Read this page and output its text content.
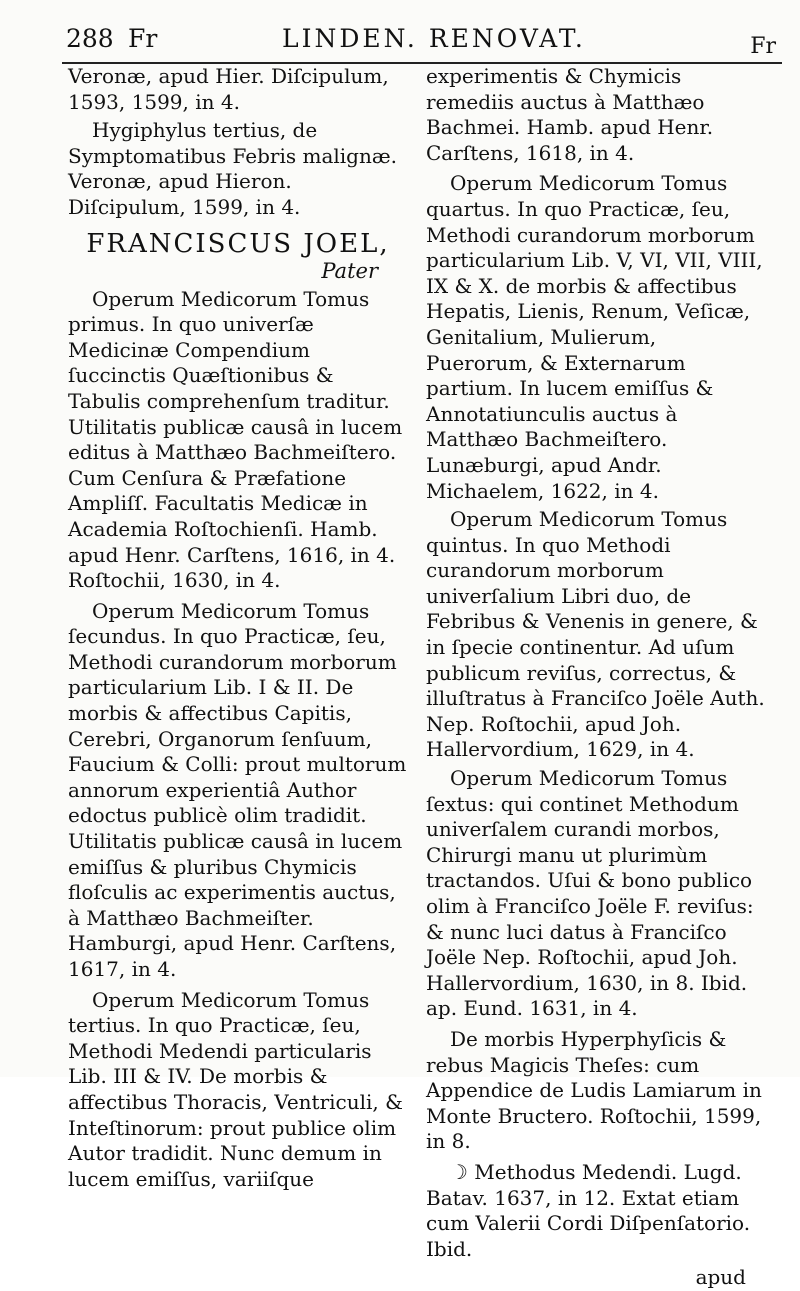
288 Fr	LINDEN. RENOVAT.	Fr

Veronæ, apud Hier. Diſcipulum, 1593, 1599, in 4.

Hygiphylus tertius, de Symptomatibus Febris malignæ. Veronæ, apud Hieron. Diſcipulum, 1599, in 4.

FRANCISCUS JOEL,
Pater

Operum Medicorum Tomus primus. In quo univerſæ Medicinæ Compendium ſuccinctis Quæſtionibus & Tabulis comprehenſum traditur. Utilitatis publicæ causâ in lucem editus à Matthæo Bachmeiſtero. Cum Cenſura & Præfatione Ampliſſ. Facultatis Medicæ in Academia Roſtochienſi. Hamb. apud Henr. Carſtens, 1616, in 4. Roſtochii, 1630, in 4.

Operum Medicorum Tomus ſecundus. In quo Practicæ, ſeu, Methodi curandorum morborum particularium Lib. I & II. De morbis & affectibus Capitis, Cerebri, Organorum ſenſuum, Faucium & Colli: prout multorum annorum experientiâ Author edoctus publicè olim tradidit. Utilitatis publicæ causâ in lucem emiſſus & pluribus Chymicis floſculis ac experimentis auctus, à Matthæo Bachmeiſter. Hamburgi, apud Henr. Carſtens, 1617, in 4.

Operum Medicorum Tomus tertius. In quo Practicæ, ſeu, Methodi Medendi particularis Lib. III & IV. De morbis & affectibus Thoracis, Ventriculi, & Inteſtinorum: prout publice olim Autor tradidit. Nunc demum in lucem emiſſus, variiſque

experimentis & Chymicis remediis auctus à Matthæo Bachmei. Hamb. apud Henr. Carſtens, 1618, in 4.

Operum Medicorum Tomus quartus. In quo Practicæ, ſeu, Methodi curandorum morborum particularium Lib. V, VI, VII, VIII, IX & X. de morbis & affectibus Hepatis, Lienis, Renum, Veſicæ, Genitalium, Mulierum, Puerorum, & Externarum partium. In lucem emiſſus & Annotatiunculis auctus à Matthæo Bachmeiſtero. Lunæburgi, apud Andr. Michaelem, 1622, in 4.

Operum Medicorum Tomus quintus. In quo Methodi curandorum morborum univerſalium Libri duo, de Febribus & Venenis in genere, & in ſpecie continentur. Ad uſum publicum reviſus, correctus, & illuſtratus à Franciſco Joële Auth. Nep. Roſtochii, apud Joh. Hallervordium, 1629, in 4.

Operum Medicorum Tomus ſextus: qui continet Methodum univerſalem curandi morbos, Chirurgi manu ut plurimùm tractandos. Uſui & bono publico olim à Franciſco Joële F. reviſus: & nunc luci datus à Franciſco Joële Nep. Roſtochii, apud Joh. Hallervordium, 1630, in 8. Ibid. ap. Eund. 1631, in 4.

De morbis Hyperphyſicis & rebus Magicis Theſes: cum Appendice de Ludis Lamiarum in Monte Bructero. Roſtochii, 1599, in 8.

☽ Methodus Medendi. Lugd. Batav. 1637, in 12. Extat etiam cum Valerii Cordi Diſpenſatorio. Ibid.

apud
